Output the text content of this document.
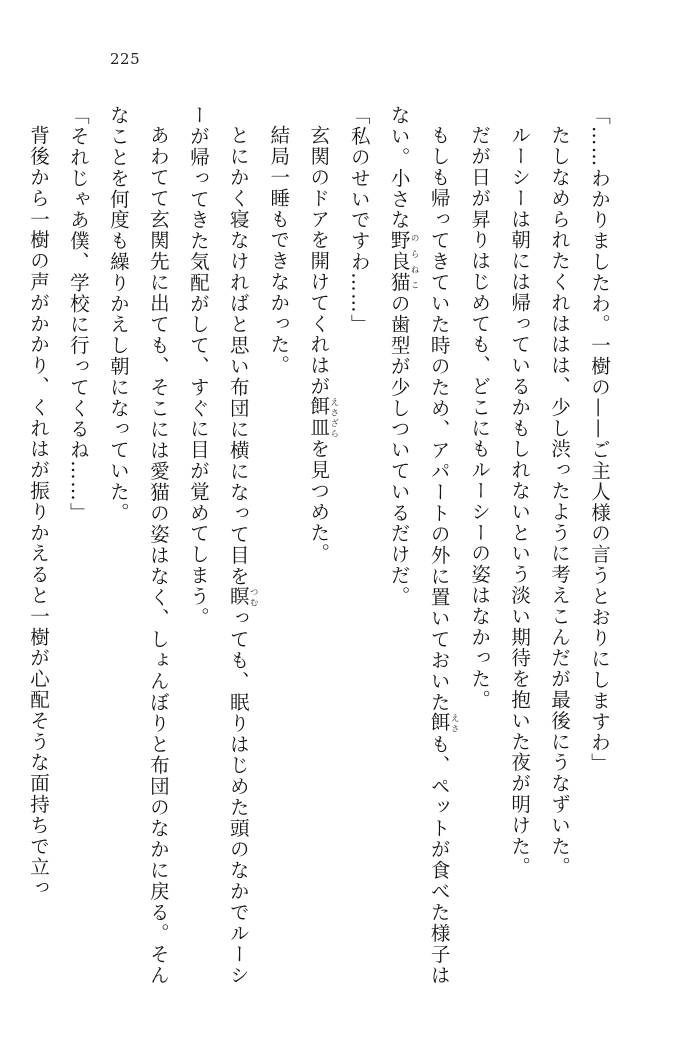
225

「……わかりましたわ。一樹の——ご主人様の言うとおりにしますわ」

たしなめられたくれははは、少し渋ったように考えこんだが最後にうなずいた。

ルーシーは朝には帰っているかもしれないという淡い期待を抱いた夜が明けた。

だが日が昇りはじめても、どこにもルーシーの姿はなかった。

もしも帰ってきていた時のため、アパートの外に置いておいた餌えさも、ペットが食べた様子はない。小さな野良猫のらねこの歯型が少しついているだけだ。

「私のせいですわ……」

玄関のドアを開けてくれはが餌皿えさざらを見つめた。

結局一睡もできなかった。

とにかく寝なければと思い布団に横になって目を瞑つむっても、眠りはじめた頭のなかでルーシーが帰ってきた気配がして、すぐに目が覚めてしまう。

あわてて玄関先に出ても、そこには愛猫の姿はなく、しょんぼりと布団のなかに戻る。そんなことを何度も繰りかえし朝になっていた。

「それじゃあ僕、学校に行ってくるね……」

背後から一樹の声がかかり、くれはが振りかえると一樹が心配そうな面持ちで立っ
